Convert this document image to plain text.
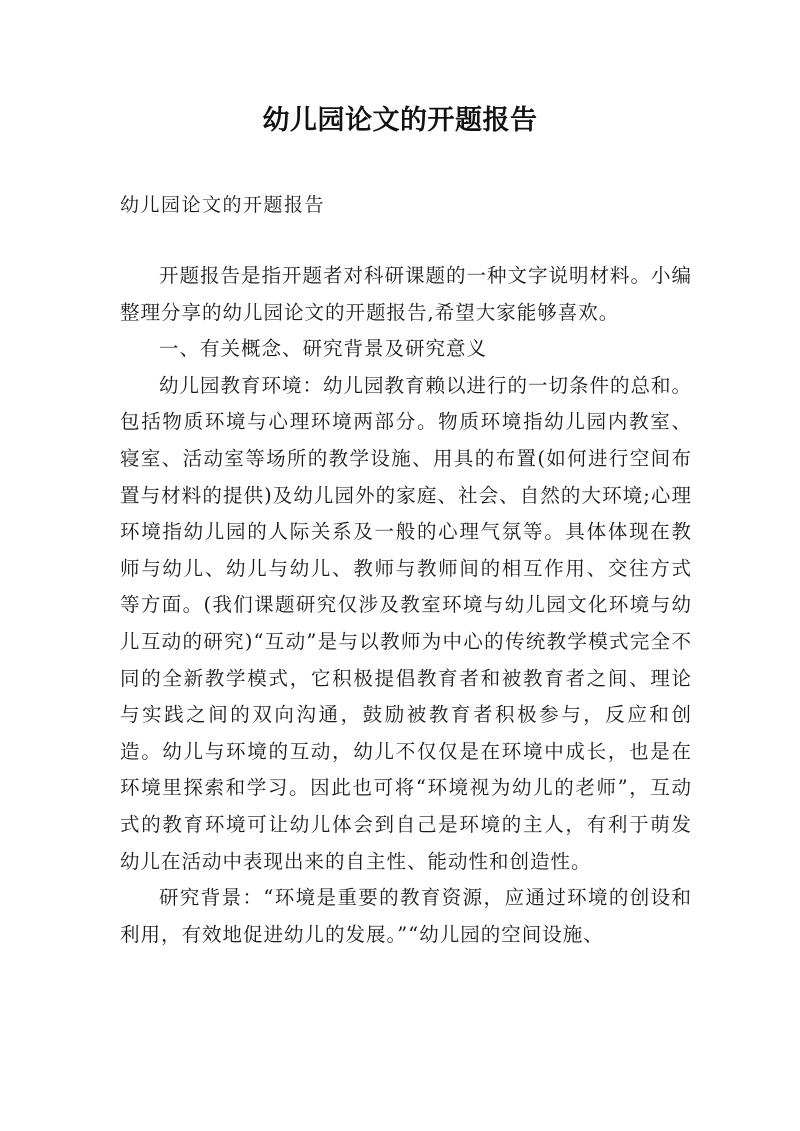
幼儿园论文的开题报告

幼儿园论文的开题报告

开题报告是指开题者对科研课题的一种文字说明材料。小编整理分享的幼儿园论文的开题报告,希望大家能够喜欢。

一、有关概念、研究背景及研究意义

幼儿园教育环境：幼儿园教育赖以进行的一切条件的总和。包括物质环境与心理环境两部分。物质环境指幼儿园内教室、寝室、活动室等场所的教学设施、用具的布置(如何进行空间布置与材料的提供)及幼儿园外的家庭、社会、自然的大环境;心理环境指幼儿园的人际关系及一般的心理气氛等。具体体现在教师与幼儿、幼儿与幼儿、教师与教师间的相互作用、交往方式等方面。(我们课题研究仅涉及教室环境与幼儿园文化环境与幼儿互动的研究)“互动”是与以教师为中心的传统教学模式完全不同的全新教学模式，它积极提倡教育者和被教育者之间、理论与实践之间的双向沟通，鼓励被教育者积极参与，反应和创造。幼儿与环境的互动，幼儿不仅仅是在环境中成长，也是在环境里探索和学习。因此也可将“环境视为幼儿的老师”，互动式的教育环境可让幼儿体会到自己是环境的主人，有利于萌发幼儿在活动中表现出来的自主性、能动性和创造性。

研究背景：“环境是重要的教育资源，应通过环境的创设和利用，有效地促进幼儿的发展。”“幼儿园的空间设施、
